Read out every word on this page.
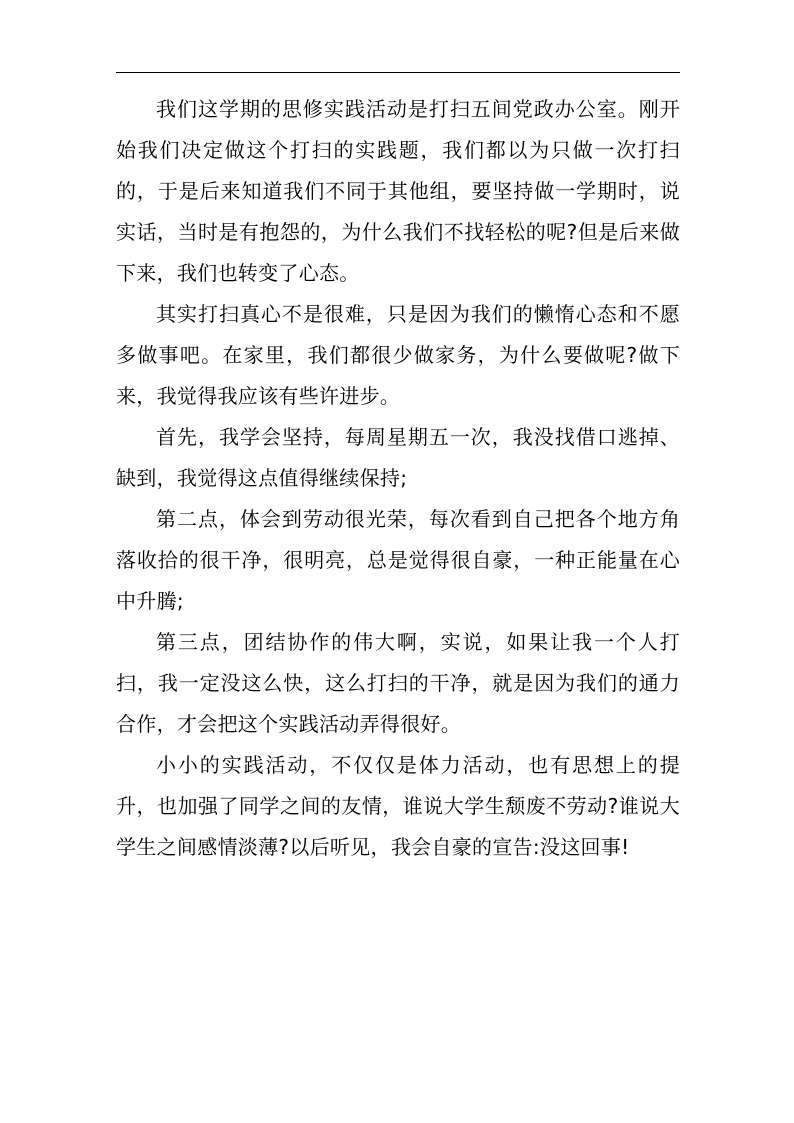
我们这学期的思修实践活动是打扫五间党政办公室。刚开始我们决定做这个打扫的实践题，我们都以为只做一次打扫的，于是后来知道我们不同于其他组，要坚持做一学期时，说实话，当时是有抱怨的，为什么我们不找轻松的呢?但是后来做下来，我们也转变了心态。

其实打扫真心不是很难，只是因为我们的懒惰心态和不愿多做事吧。在家里，我们都很少做家务，为什么要做呢?做下来，我觉得我应该有些许进步。

首先，我学会坚持，每周星期五一次，我没找借口逃掉、缺到，我觉得这点值得继续保持;

第二点，体会到劳动很光荣，每次看到自己把各个地方角落收拾的很干净，很明亮，总是觉得很自豪，一种正能量在心中升腾;

第三点，团结协作的伟大啊，实说，如果让我一个人打扫，我一定没这么快，这么打扫的干净，就是因为我们的通力合作，才会把这个实践活动弄得很好。

小小的实践活动，不仅仅是体力活动，也有思想上的提升，也加强了同学之间的友情，谁说大学生颓废不劳动?谁说大学生之间感情淡薄?以后听见，我会自豪的宣告:没这回事!
